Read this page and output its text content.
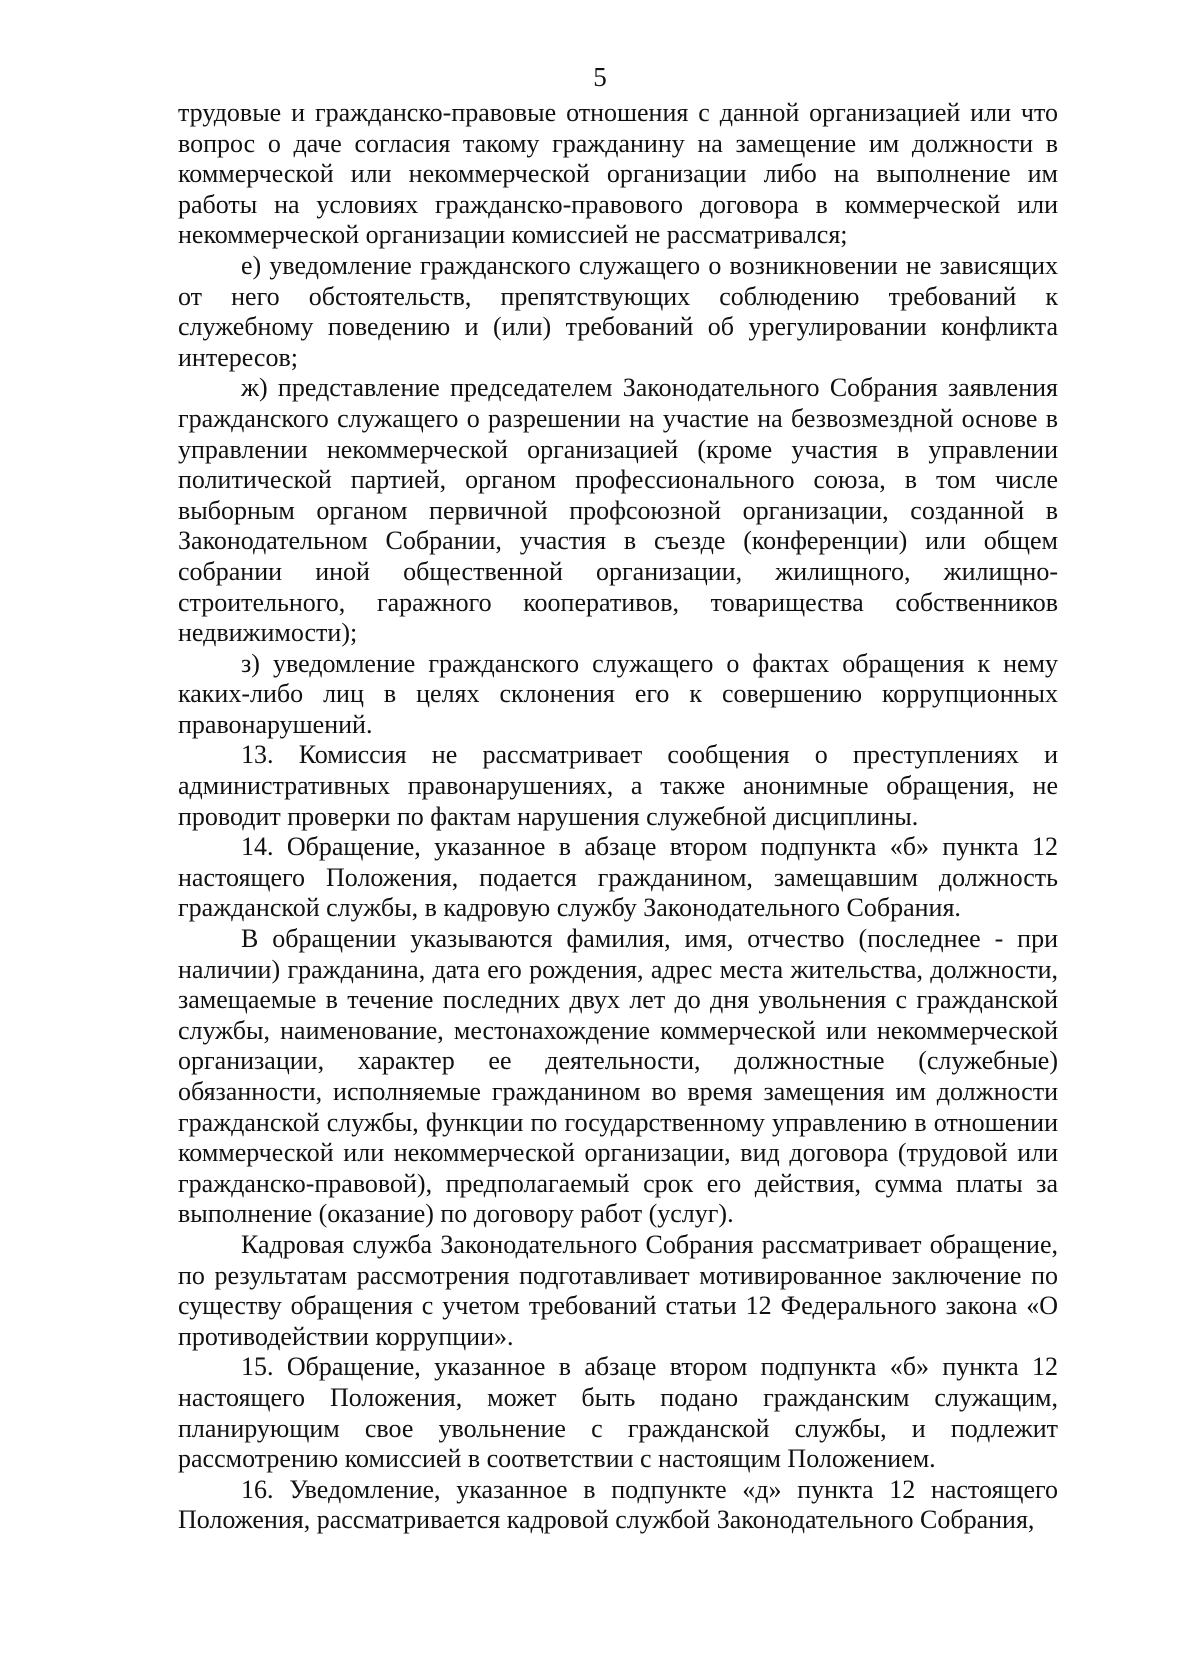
5

трудовые и гражданско-правовые отношения с данной организацией или что вопрос о даче согласия такому гражданину на замещение им должности в коммерческой или некоммерческой организации либо на выполнение им работы на условиях гражданско-правового договора в коммерческой или некоммерческой организации комиссией не рассматривался;

е) уведомление гражданского служащего о возникновении не зависящих от него обстоятельств, препятствующих соблюдению требований к служебному поведению и (или) требований об урегулировании конфликта интересов;

ж) представление председателем Законодательного Собрания заявления гражданского служащего о разрешении на участие на безвозмездной основе в управлении некоммерческой организацией (кроме участия в управлении политической партией, органом профессионального союза, в том числе выборным органом первичной профсоюзной организации, созданной в Законодательном Собрании, участия в съезде (конференции) или общем собрании иной общественной организации, жилищного, жилищно-строительного, гаражного кооперативов, товарищества собственников недвижимости);

з) уведомление гражданского служащего о фактах обращения к нему каких-либо лиц в целях склонения его к совершению коррупционных правонарушений.

13. Комиссия не рассматривает сообщения о преступлениях и административных правонарушениях, а также анонимные обращения, не проводит проверки по фактам нарушения служебной дисциплины.

14. Обращение, указанное в абзаце втором подпункта «б» пункта 12 настоящего Положения, подается гражданином, замещавшим должность гражданской службы, в кадровую службу Законодательного Собрания.

В обращении указываются фамилия, имя, отчество (последнее - при наличии) гражданина, дата его рождения, адрес места жительства, должности, замещаемые в течение последних двух лет до дня увольнения с гражданской службы, наименование, местонахождение коммерческой или некоммерческой организации, характер ее деятельности, должностные (служебные) обязанности, исполняемые гражданином во время замещения им должности гражданской службы, функции по государственному управлению в отношении коммерческой или некоммерческой организации, вид договора (трудовой или гражданско-правовой), предполагаемый срок его действия, сумма платы за выполнение (оказание) по договору работ (услуг).

Кадровая служба Законодательного Собрания рассматривает обращение, по результатам рассмотрения подготавливает мотивированное заключение по существу обращения с учетом требований статьи 12 Федерального закона «О противодействии коррупции».

15. Обращение, указанное в абзаце втором подпункта «б» пункта 12 настоящего Положения, может быть подано гражданским служащим, планирующим свое увольнение с гражданской службы, и подлежит рассмотрению комиссией в соответствии с настоящим Положением.

16. Уведомление, указанное в подпункте «д» пункта 12 настоящего Положения, рассматривается кадровой службой Законодательного Собрания,
